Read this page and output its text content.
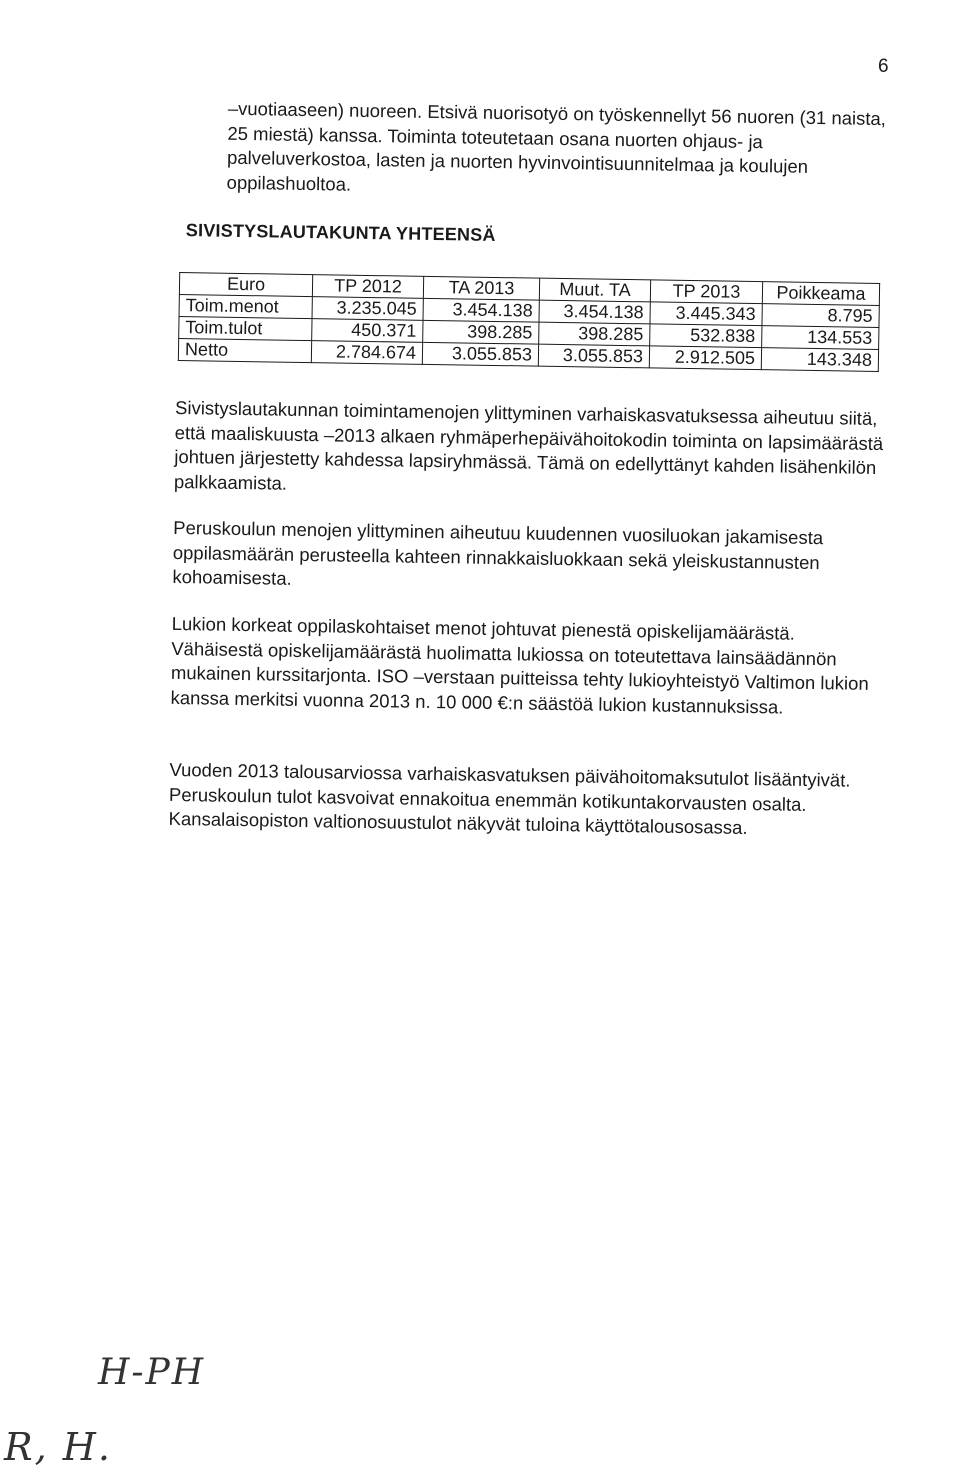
6

–vuotiaaseen) nuoreen. Etsivä nuorisotyö on työskennellyt 56 nuoren (31 naista, 25 miestä) kanssa. Toiminta toteutetaan osana nuorten ohjaus- ja palveluverkostoa, lasten ja nuorten hyvinvointisuunnitelmaa ja koulujen oppilashuoltoa.

SIVISTYSLAUTAKUNTA YHTEENSÄ
Euro	TP 2012	TA 2013	Muut. TA	TP 2013	Poikkeama
Toim.menot	3.235.045	3.454.138	3.454.138	3.445.343	8.795
Toim.tulot	450.371	398.285	398.285	532.838	134.553
Netto	2.784.674	3.055.853	3.055.853	2.912.505	143.348

Sivistyslautakunnan toimintamenojen ylittyminen varhaiskasvatuksessa aiheutuu siitä, että maaliskuusta –2013 alkaen ryhmäperhepäivähoitokodin toiminta on lapsimäärästä johtuen järjestetty kahdessa lapsiryhmässä. Tämä on edellyttänyt kahden lisähenkilön palkkaamista.

Peruskoulun menojen ylittyminen aiheutuu kuudennen vuosiluokan jakamisesta oppilasmäärän perusteella kahteen rinnakkaisluokkaan sekä yleiskustannusten kohoamisesta.

Lukion korkeat oppilaskohtaiset menot johtuvat pienestä opiskelijamäärästä. Vähäisestä opiskelijamäärästä huolimatta lukiossa on toteutettava lainsäädännön mukainen kurssitarjonta. ISO –verstaan puitteissa tehty lukioyhteistyö Valtimon lukion kanssa merkitsi vuonna 2013 n. 10 000 €:n säästöä lukion kustannuksissa.

Vuoden 2013 talousarviossa varhaiskasvatuksen päivähoitomaksutulot lisääntyivät. Peruskoulun tulot kasvoivat ennakoitua enemmän kotikuntakorvausten osalta. Kansalaisopiston valtionosuustulot näkyvät tuloina käyttötalousosassa.

H-PH
R, H.
